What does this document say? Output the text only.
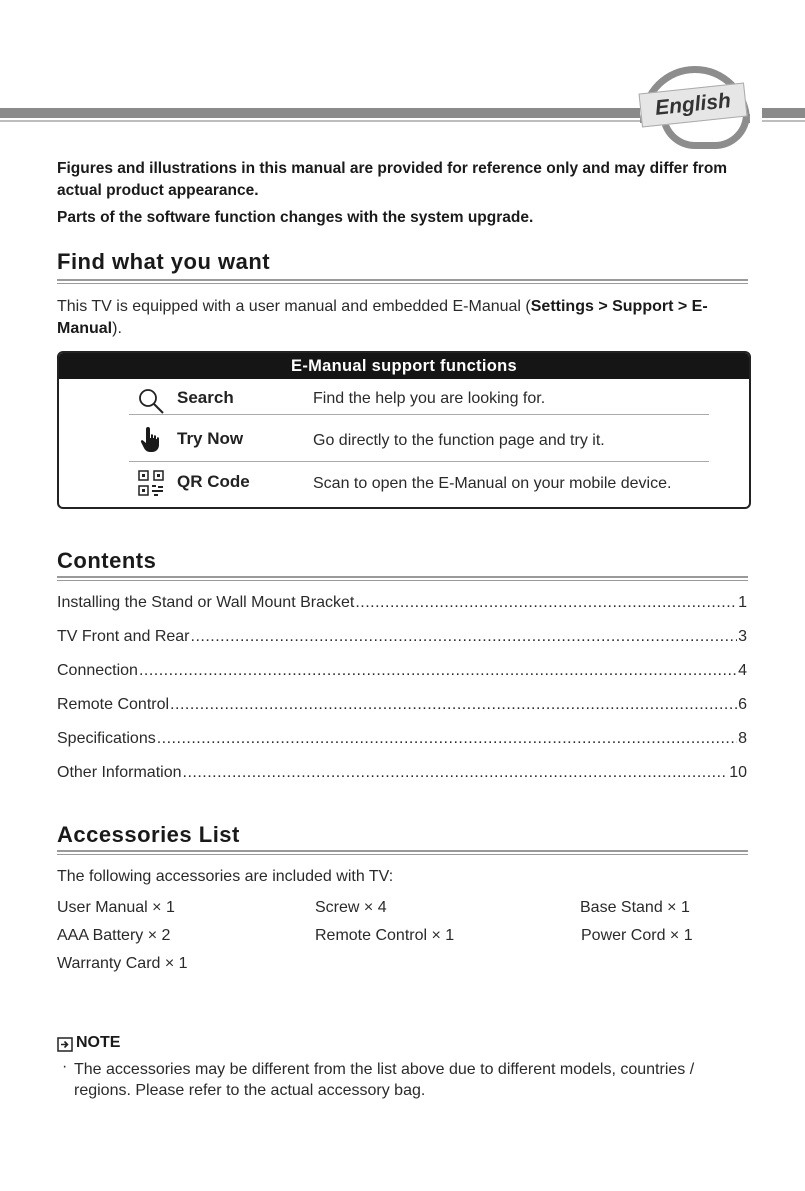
English
Figures and illustrations in this manual are provided for reference only and may differ from actual product appearance.
Parts of the software function changes with the system upgrade.
Find what you want
This TV is equipped with a user manual and embedded E-Manual (Settings > Support > E-Manual).
E-Manual support functions
Search	Find the help you are looking for.
Try Now	Go directly to the function page and try it.
QR Code	Scan to open the E-Manual on your mobile device.
Contents
Installing the Stand or Wall Mount Bracket .....	1
TV Front and Rear .....	3
Connection .....	4
Remote Control .....	6
Specifications .....	8
Other Information .....	10
Accessories List
The following accessories are included with TV:
User Manual × 1	Screw × 4	Base Stand × 1
AAA Battery × 2	Remote Control × 1	Power Cord × 1
Warranty Card × 1
NOTE
· The accessories may be different from the list above due to different models, countries / regions. Please refer to the actual accessory bag.
